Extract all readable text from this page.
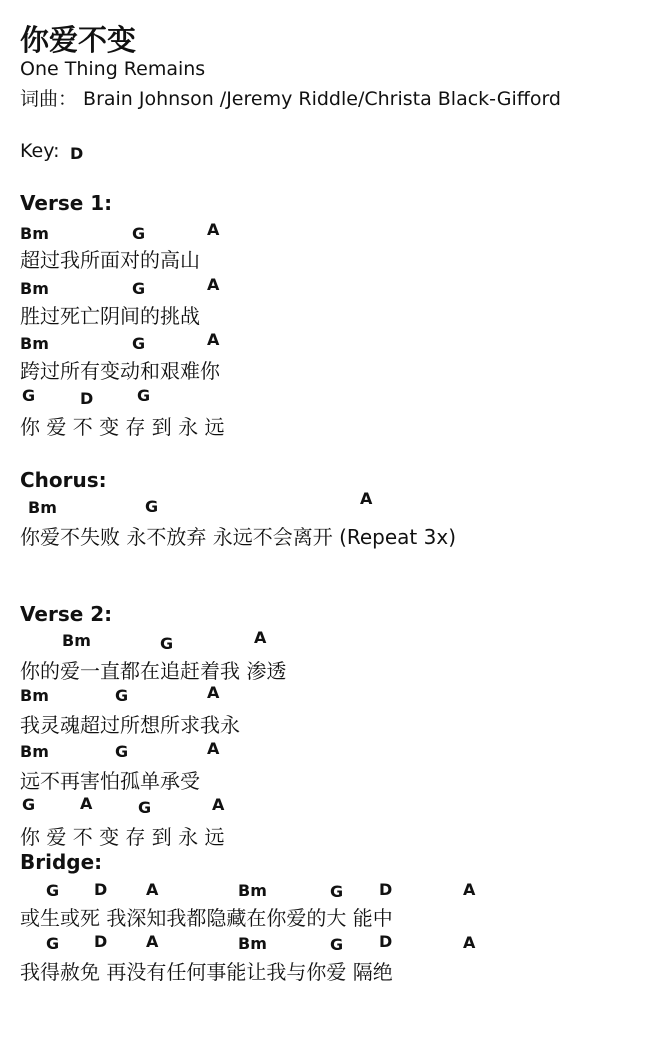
你爱不变
One Thing Remains
词曲： Brain Johnson /Jeremy Riddle/Christa Black-Gifford
Key: D
Verse 1:
Bm	G	A
超过我所面对的高山
Bm	G	A
胜过死亡阴间的挑战
Bm	G	A
跨过所有变动和艰难你
G	D	G
你 爱 不 变 存 到 永 远
Chorus:
Bm	G	A
你爱不失败 永不放弃 永远不会离开 (Repeat 3x)
Verse 2:
Bm	G	A
你的爱一直都在追赶着我 渗透
Bm	G	A
我灵魂超过所想所求我永
Bm	G	A
远不再害怕孤单承受
G	A	G	A
你 爱 不 变 存 到 永 远
Bridge:
G D A	Bm	G D	A
或生或死 我深知我都隐藏在你爱的大 能中
G D A	Bm	G D	A
我得赦免 再没有任何事能让我与你爱 隔绝
